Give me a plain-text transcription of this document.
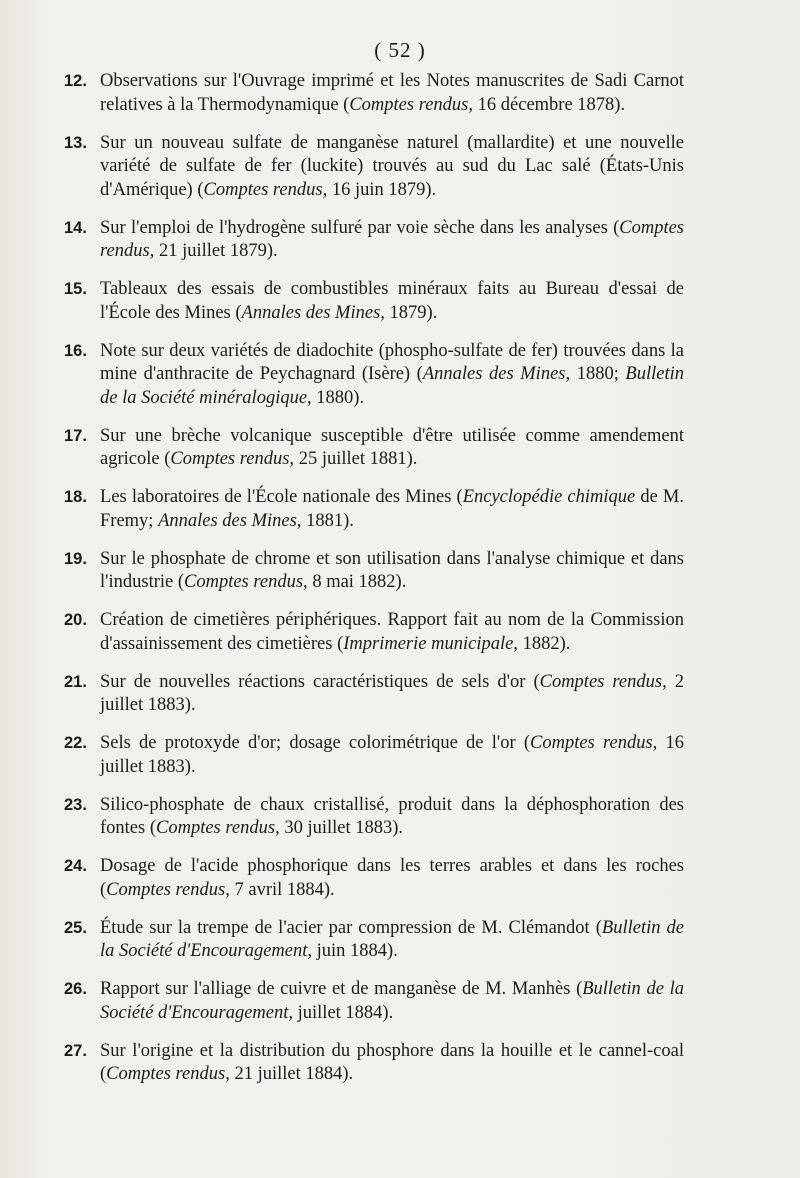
( 52 )
12. Observations sur l'Ouvrage imprimé et les Notes manuscrites de Sadi Carnot relatives à la Thermodynamique (Comptes rendus, 16 décembre 1878).
13. Sur un nouveau sulfate de manganèse naturel (mallardite) et une nouvelle variété de sulfate de fer (luckite) trouvés au sud du Lac salé (États-Unis d'Amérique) (Comptes rendus, 16 juin 1879).
14. Sur l'emploi de l'hydrogène sulfuré par voie sèche dans les analyses (Comptes rendus, 21 juillet 1879).
15. Tableaux des essais de combustibles minéraux faits au Bureau d'essai de l'École des Mines (Annales des Mines, 1879).
16. Note sur deux variétés de diadochite (phospho-sulfate de fer) trouvées dans la mine d'anthracite de Peychagnard (Isère) (Annales des Mines, 1880; Bulletin de la Société minéralogique, 1880).
17. Sur une brèche volcanique susceptible d'être utilisée comme amendement agricole (Comptes rendus, 25 juillet 1881).
18. Les laboratoires de l'École nationale des Mines (Encyclopédie chimique de M. Fremy; Annales des Mines, 1881).
19. Sur le phosphate de chrome et son utilisation dans l'analyse chimique et dans l'industrie (Comptes rendus, 8 mai 1882).
20. Création de cimetières périphériques. Rapport fait au nom de la Commission d'assainissement des cimetières (Imprimerie municipale, 1882).
21. Sur de nouvelles réactions caractéristiques de sels d'or (Comptes rendus, 2 juillet 1883).
22. Sels de protoxyde d'or; dosage colorimétrique de l'or (Comptes rendus, 16 juillet 1883).
23. Silico-phosphate de chaux cristallisé, produit dans la déphosphoration des fontes (Comptes rendus, 30 juillet 1883).
24. Dosage de l'acide phosphorique dans les terres arables et dans les roches (Comptes rendus, 7 avril 1884).
25. Étude sur la trempe de l'acier par compression de M. Clémandot (Bulletin de la Société d'Encouragement, juin 1884).
26. Rapport sur l'alliage de cuivre et de manganèse de M. Manhès (Bulletin de la Société d'Encouragement, juillet 1884).
27. Sur l'origine et la distribution du phosphore dans la houille et le cannel-coal (Comptes rendus, 21 juillet 1884).
